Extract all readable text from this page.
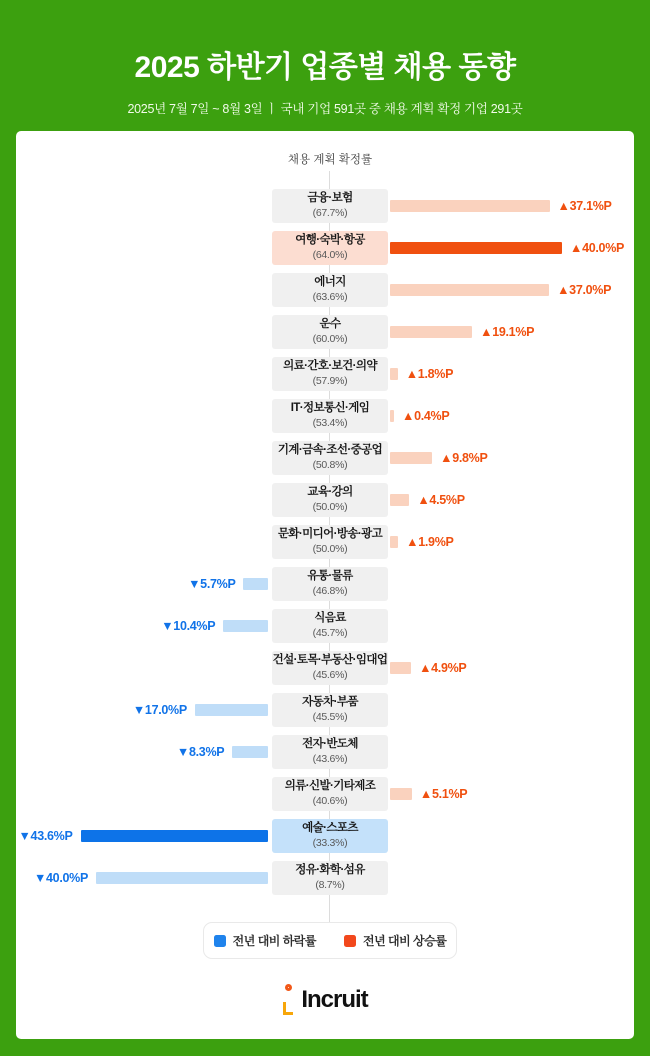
2025 하반기 업종별 채용 동향
2025년 7월 7일 ~ 8월 3일 ㅣ 국내 기업 591곳 중 채용 계획 확정 기업 291곳
채용 계획 확정률
금융·보험
(67.7%)
▲37.1%P
여행·숙박·항공
(64.0%)
▲40.0%P
에너지
(63.6%)
▲37.0%P
운수
(60.0%)
▲19.1%P
의료·간호·보건·의약
(57.9%)
▲1.8%P
IT·정보통신·게임
(53.4%)
▲0.4%P
기계·금속·조선·중공업
(50.8%)
▲9.8%P
교육·강의
(50.0%)
▲4.5%P
문화·미디어·방송·광고
(50.0%)
▲1.9%P
유통·물류
(46.8%)
▼5.7%P
식음료
(45.7%)
▼10.4%P
건설·토목·부동산·임대업
(45.6%)
▲4.9%P
자동차·부품
(45.5%)
▼17.0%P
전자·반도체
(43.6%)
▼8.3%P
의류·신발·기타제조
(40.6%)
▲5.1%P
예술·스포츠
(33.3%)
▼43.6%P
정유·화학·섬유
(8.7%)
▼40.0%P
전년 대비 하락률	전년 대비 상승률
Incruit
